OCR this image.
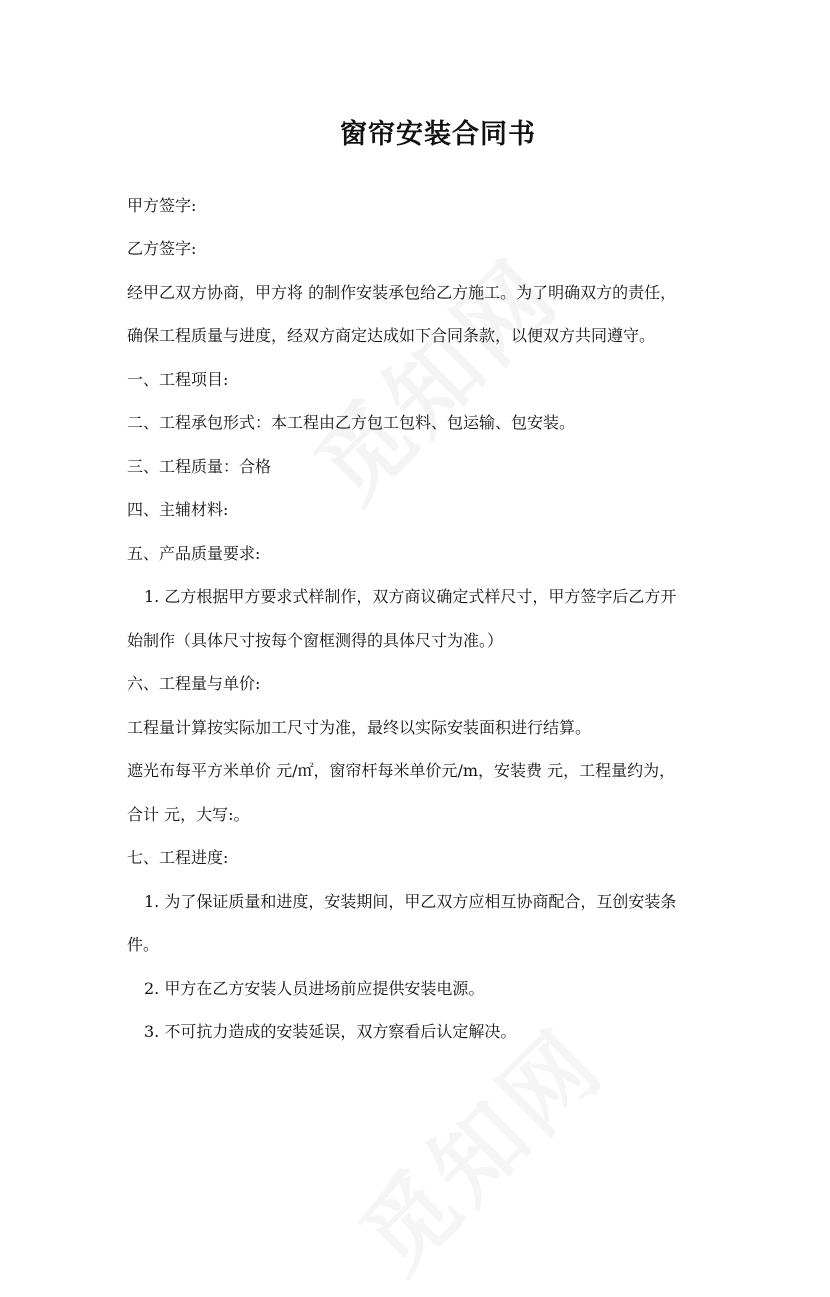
窗帘安装合同书
甲方签字:
乙方签字:
经甲乙双方协商，甲方将 的制作安装承包给乙方施工。为了明确双方的责任，
确保工程质量与进度，经双方商定达成如下合同条款，以便双方共同遵守。
一、工程项目:
二、工程承包形式：本工程由乙方包工包料、包运输、包安装。
三、工程质量：合格
四、主辅材料:
五、产品质量要求:
1. 乙方根据甲方要求式样制作，双方商议确定式样尺寸，甲方签字后乙方开
始制作（具体尺寸按每个窗框测得的具体尺寸为准。）
六、工程量与单价:
工程量计算按实际加工尺寸为准，最终以实际安装面积进行结算。
遮光布每平方米单价 元/㎡，窗帘杆每米单价元/m，安装费 元，工程量约为，
合计 元，大写:。
七、工程进度:
1. 为了保证质量和进度，安装期间，甲乙双方应相互协商配合，互创安装条
件。
2. 甲方在乙方安装人员进场前应提供安装电源。
3. 不可抗力造成的安装延误，双方察看后认定解决。
